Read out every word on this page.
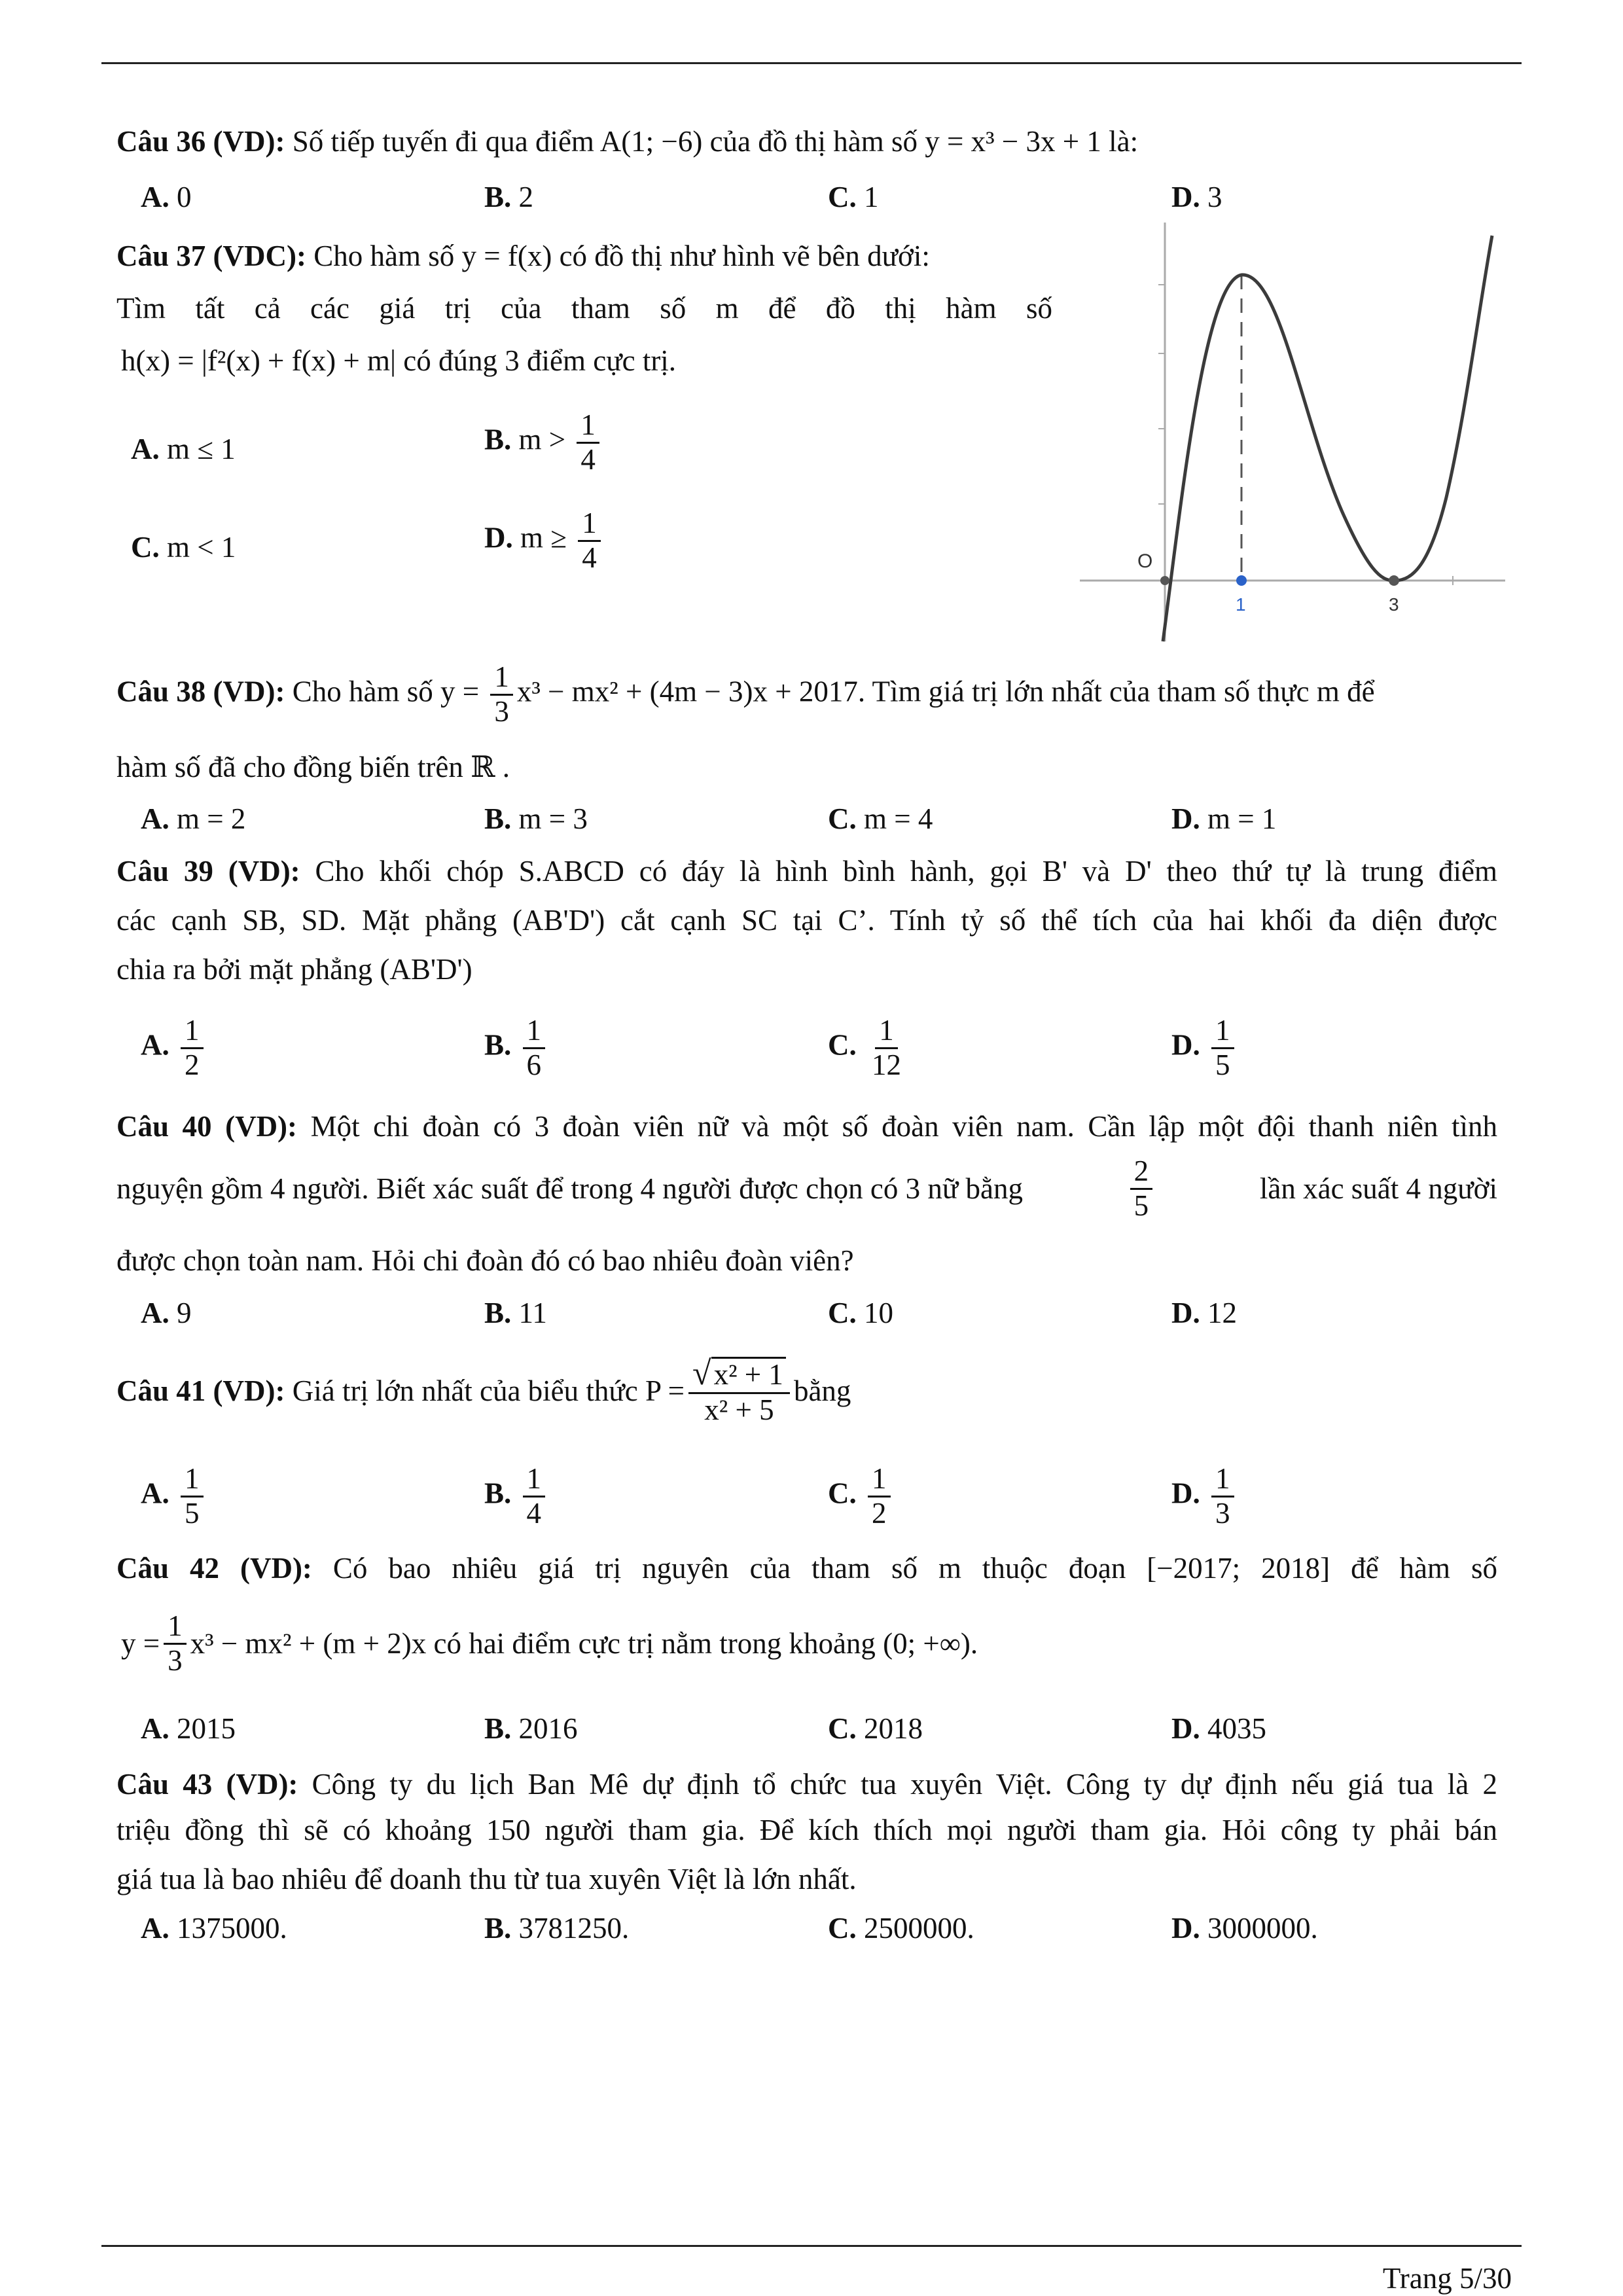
Câu 36 (VD): Số tiếp tuyến đi qua điểm A(1; −6) của đồ thị hàm số y = x³ − 3x + 1 là:
A. 0	B. 2	C. 1	D. 3
Câu 37 (VDC): Cho hàm số y = f(x) có đồ thị như hình vẽ bên dưới:
Tìm tất cả các giá trị của tham số m để đồ thị hàm số
h(x) = |f²(x) + f(x) + m| có đúng 3 điểm cực trị.
A. m ≤ 1	B. $m > \frac{1}{4}$
C. m < 1	D. $m \ge \frac{1}{4}$	O
1	3
Câu 38 (VD): Cho hàm số $y = \frac{1}{3} x^3 - mx^2 + (4m - 3)x + 2017$. Tìm giá trị lớn nhất của tham số thực m để
hàm số đã cho đồng biến trên ℝ .
A. m = 2	B. m = 3	C. m = 4	D. m = 1
Câu 39 (VD): Cho khối chóp S.ABCD có đáy là hình bình hành, gọi B' và D' theo thứ tự là trung điểm
các cạnh SB, SD. Mặt phẳng (AB'D') cắt cạnh SC tại C’. Tính tỷ số thể tích của hai khối đa diện được
chia ra bởi mặt phẳng (AB'D')
A. $\frac{1}{2}$	B. $\frac{1}{6}$	C. $\frac{1}{12}$	D. $\frac{1}{5}$
Câu 40 (VD): Một chi đoàn có 3 đoàn viên nữ và một số đoàn viên nam. Cần lập một đội thanh niên tình
nguyện gồm 4 người. Biết xác suất để trong 4 người được chọn có 3 nữ bằng	$\frac{2}{5}$	lần xác suất 4 người
được chọn toàn nam. Hỏi chi đoàn đó có bao nhiêu đoàn viên?
A. 9	B. 11	C. 10	D. 12
Câu 41 (VD):
Giá trị lớn nhất của biểu thức
$P = \frac{\text{√x² + 1}}{\text{x² + 5}}$ bằng
A. $\frac{1}{5}$	B. $\frac{1}{4}$	C. $\frac{1}{2}$	D. $\frac{1}{3}$
Câu 42 (VD): Có bao nhiêu giá trị nguyên của tham số m thuộc đoạn [−2017; 2018] để hàm số
$y = \frac{1}{3} x^3 - mx^2 + (m + 2)x$
có hai điểm cực trị nằm trong khoảng (0; +∞).
A. 2015	B. 2016	C. 2018	D. 4035
Câu 43 (VD): Công ty du lịch Ban Mê dự định tổ chức tua xuyên Việt. Công ty dự định nếu giá tua là 2
triệu đồng thì sẽ có khoảng 150 người tham gia. Để kích thích mọi người tham gia. Hỏi công ty phải bán
giá tua là bao nhiêu để doanh thu từ tua xuyên Việt là lớn nhất.
A. 1375000.	B. 3781250.	C. 2500000.	D. 3000000.
Trang 5/30
